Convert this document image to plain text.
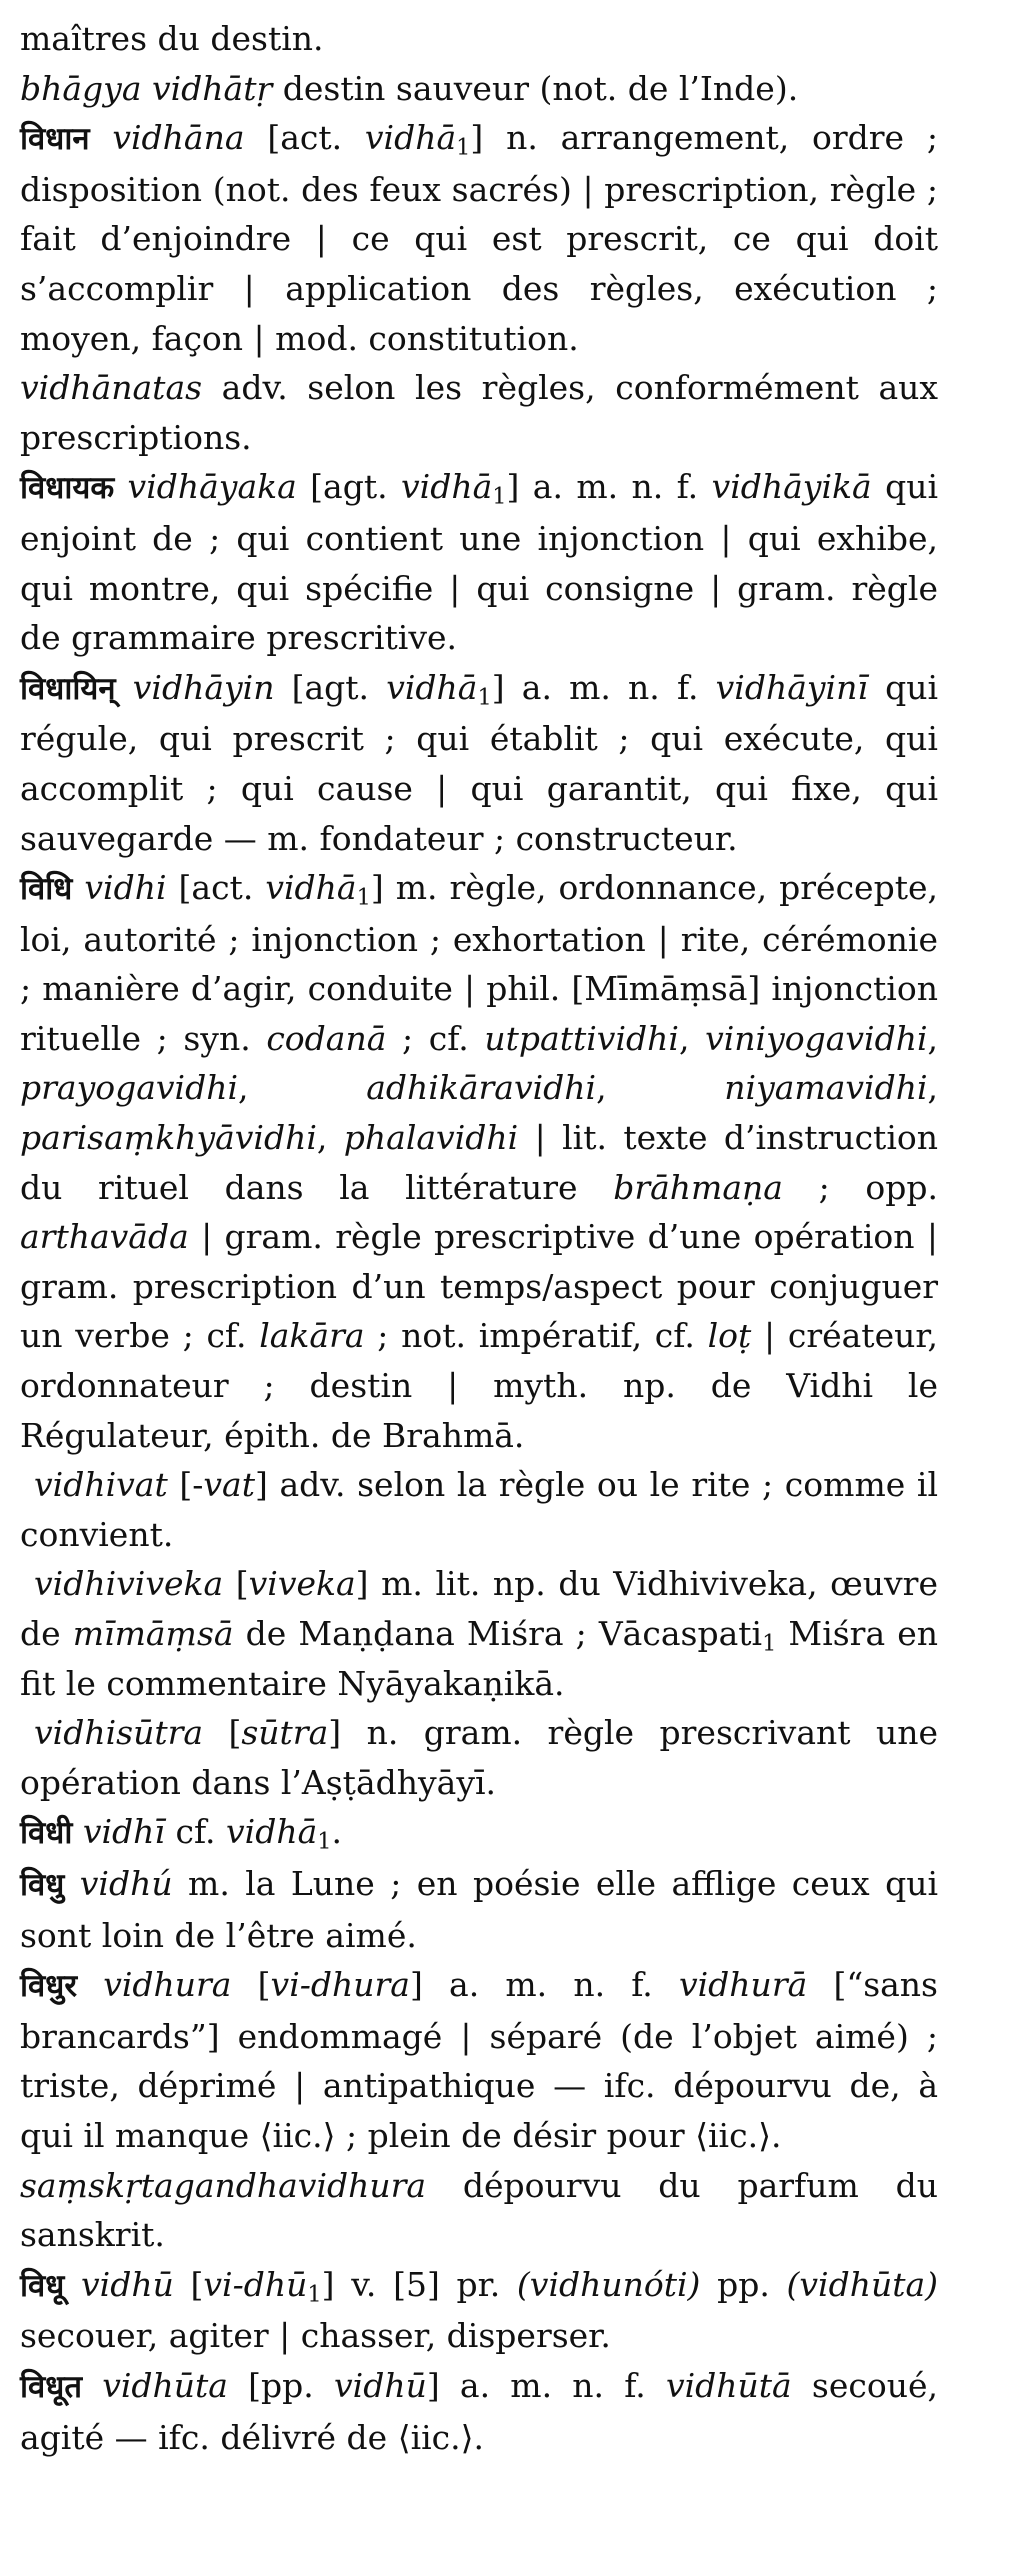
maîtres du destin.

bhāgya vidhātṛ destin sauveur (not. de l’Inde).

विधान vidhāna [act. vidhā$_1$] n. arrangement, ordre ; disposition (not. des feux sacrés) | prescription, règle ; fait d’enjoindre | ce qui est prescrit, ce qui doit s’accomplir | application des règles, exécution ; moyen, façon | mod. constitution.

vidhānatas adv. selon les règles, conformément aux prescriptions.

विधायक vidhāyaka [agt. vidhā$_1$] a. m. n. f. vidhāyikā qui enjoint de ; qui contient une injonction | qui exhibe, qui montre, qui spécifie | qui consigne | gram. règle de grammaire prescritive.

विधायिन् vidhāyin [agt. vidhā$_1$] a. m. n. f. vidhāyinī qui régule, qui prescrit ; qui établit ; qui exécute, qui accomplit ; qui cause | qui garantit, qui fixe, qui sauvegarde — m. fondateur ; constructeur.

विधि vidhi [act. vidhā$_1$] m. règle, ordonnance, précepte, loi, autorité ; injonction ; exhortation | rite, cérémonie ; manière d’agir, conduite | phil. [Mīmāṃsā] injonction rituelle ; syn. codanā ; cf. utpattividhi, viniyogavidhi, prayogavidhi, adhikāravidhi, niyamavidhi, parisaṃkhyāvidhi, phalavidhi | lit. texte d’instruction du rituel dans la littérature brāhmaṇa ; opp. arthavāda | gram. règle prescriptive d’une opération | gram. prescription d’un temps/aspect pour conjuguer un verbe ; cf. lakāra ; not. impératif, cf. loṭ | créateur, ordonnateur ; destin | myth. np. de Vidhi le Régulateur, épith. de Brahmā.

vidhivat [-vat] adv. selon la règle ou le rite ; comme il convient.

vidhiviveka [viveka] m. lit. np. du Vidhiviveka, œuvre de mīmāṃsā de Maṇḍana Miśra ; Vācaspati$_1$ Miśra en fit le commentaire Nyāyakaṇikā.

vidhisūtra [sūtra] n. gram. règle prescrivant une opération dans l’Aṣṭādhyāyī.

विधी vidhī cf. vidhā$_1$.

विधु vidhú m. la Lune ; en poésie elle afflige ceux qui sont loin de l’être aimé.

विधुर vidhura [vi-dhura] a. m. n. f. vidhurā [“sans brancards”] endommagé | séparé (de l’objet aimé) ; triste, déprimé | antipathique — ifc. dépourvu de, à qui il manque ⟨iic.⟩ ; plein de désir pour ⟨iic.⟩.

saṃskṛtagandhavidhura dépourvu du parfum du sanskrit.

विधू vidhū [vi-dhū$_1$] v. [5] pr. (vidhunóti) pp. (vidhūta) secouer, agiter | chasser, disperser.

विधूत vidhūta [pp. vidhū] a. m. n. f. vidhūtā secoué, agité — ifc. délivré de ⟨iic.⟩.
